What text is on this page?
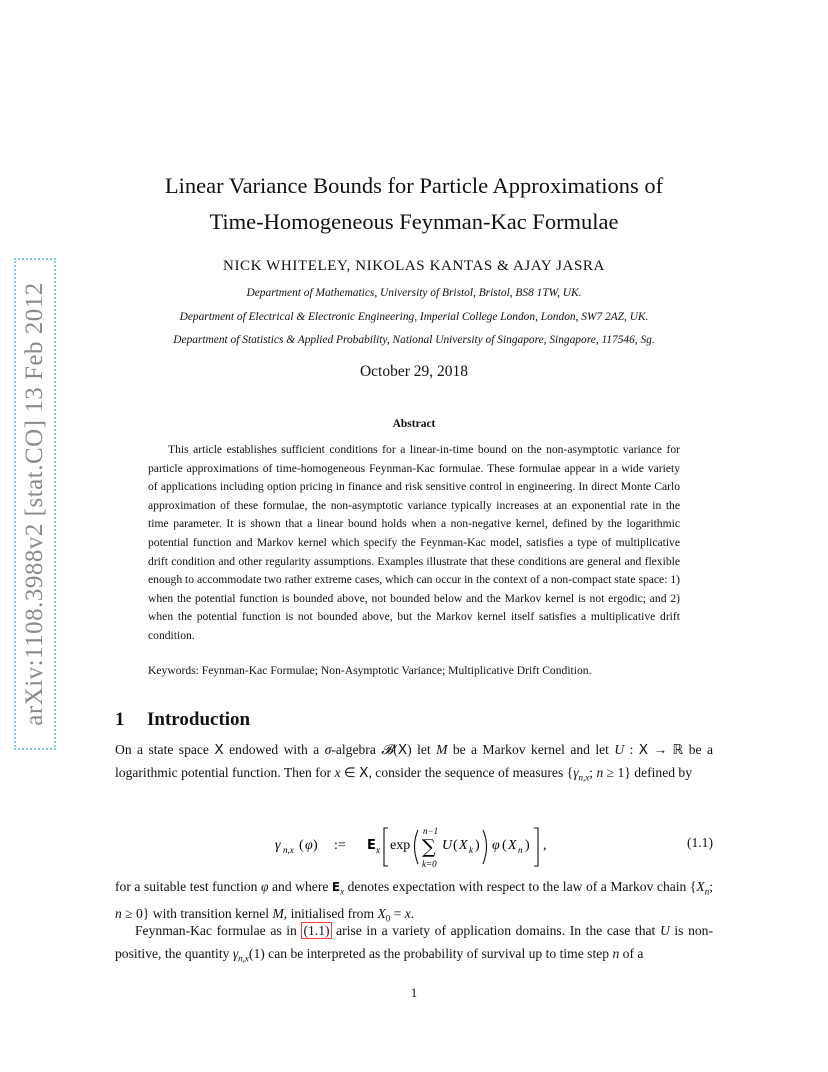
arXiv:1108.3988v2 [stat.CO] 13 Feb 2012
Linear Variance Bounds for Particle Approximations of
Time-Homogeneous Feynman-Kac Formulae
NICK WHITELEY, NIKOLAS KANTAS & AJAY JASRA
Department of Mathematics, University of Bristol, Bristol, BS8 1TW, UK.
Department of Electrical & Electronic Engineering, Imperial College London, London, SW7 2AZ, UK.
Department of Statistics & Applied Probability, National University of Singapore, Singapore, 117546, Sg.
October 29, 2018
Abstract

This article establishes sufficient conditions for a linear-in-time bound on the non-asymptotic variance for particle approximations of time-homogeneous Feynman-Kac formulae. These formulae appear in a wide variety of applications including option pricing in finance and risk sensitive control in engineering. In direct Monte Carlo approximation of these formulae, the non-asymptotic variance typically increases at an exponential rate in the time parameter. It is shown that a linear bound holds when a non-negative kernel, defined by the logarithmic potential function and Markov kernel which specify the Feynman-Kac model, satisfies a type of multiplicative drift condition and other regularity assumptions. Examples illustrate that these conditions are general and flexible enough to accommodate two rather extreme cases, which can occur in the context of a non-compact state space: 1) when the potential function is bounded above, not bounded below and the Markov kernel is not ergodic; and 2) when the potential function is not bounded above, but the Markov kernel itself satisfies a multiplicative drift condition.

Keywords: Feynman-Kac Formulae; Non-Asymptotic Variance; Multiplicative Drift Condition.
1 Introduction

On a state space X endowed with a σ-algebra 𝓑(X) let M be a Markov kernel and let U : X → ℝ be a logarithmic potential function. Then for x ∈ X, consider the sequence of measures {$\gamma_{n,x}$; n ≥ 1} defined by

γ n,x ( φ ) := E x exp
n−1
∑
k=0
U ( X k ) φ ( X n ) ,	(1.1)

for a suitable test function φ and where $E_x$ denotes expectation with respect to the law of a Markov chain {$X_n$; n ≥ 0} with transition kernel M, initialised from $X_0 = x$.

Feynman-Kac formulae as in (1.1) arise in a variety of application domains. In the case that U is non-positive, the quantity $\gamma_{n,x}(1)$ can be interpreted as the probability of survival up to time step n of a

1
